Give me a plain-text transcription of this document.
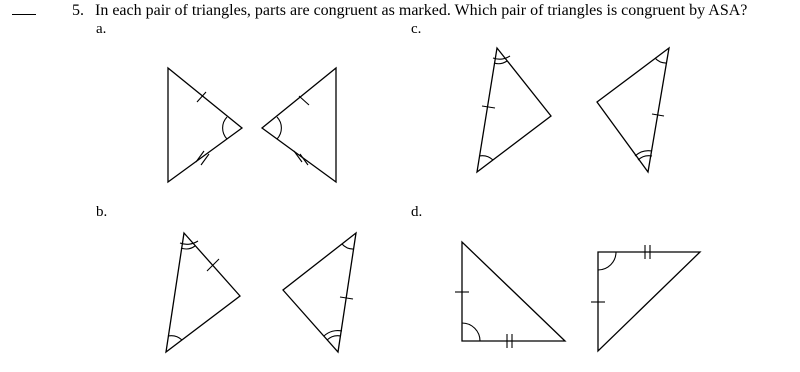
5. In each pair of triangles, parts are congruent as marked. Which pair of triangles is congruent by ASA?
a.	c.
b.	d.
